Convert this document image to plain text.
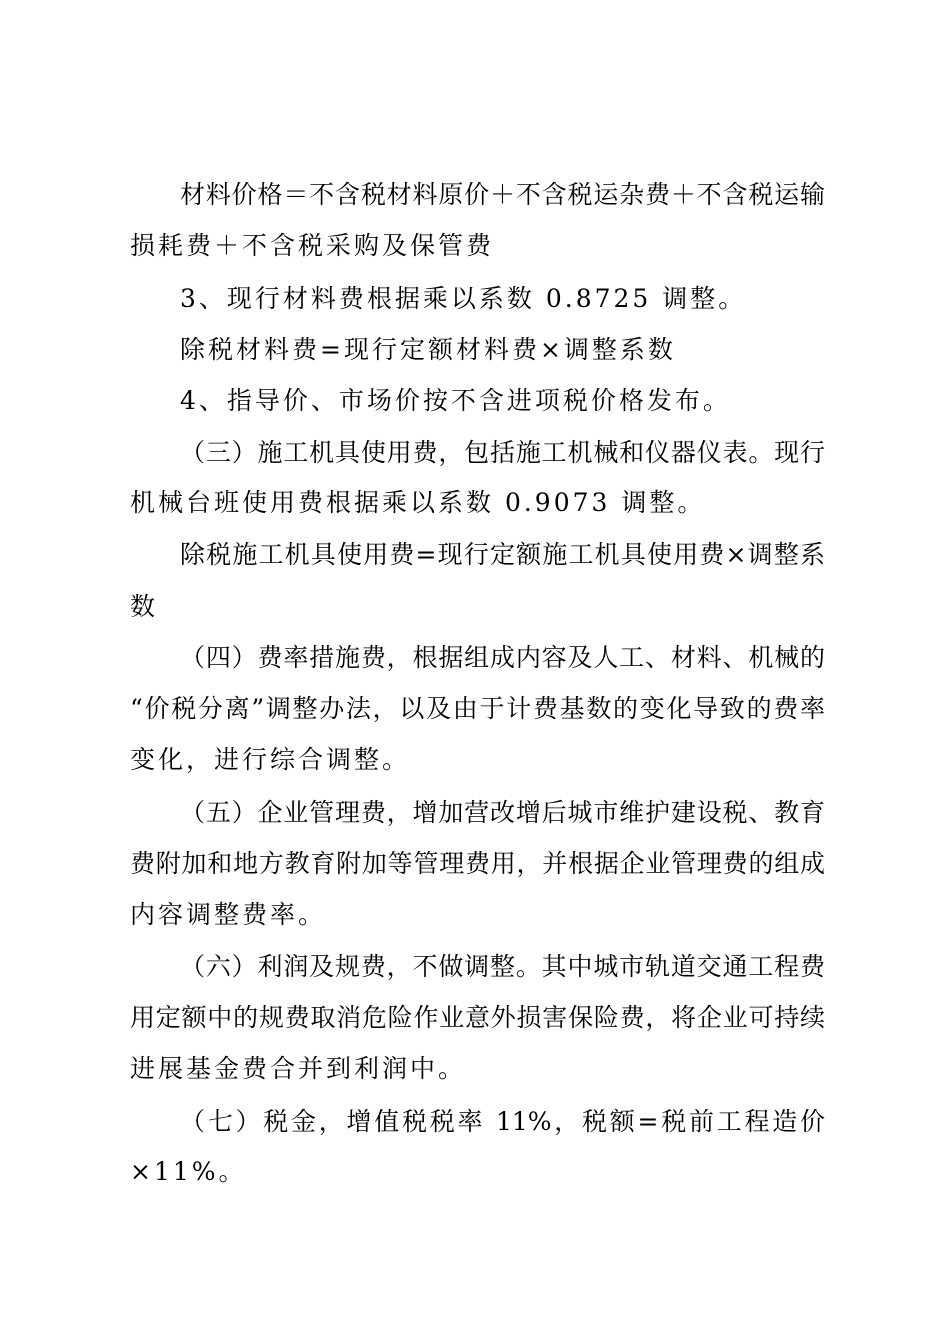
材料价格＝不含税材料原价＋不含税运杂费＋不含税运输
损耗费＋不含税采购及保管费
3、现行材料费根据乘以系数 0.8725 调整。
除税材料费=现行定额材料费×调整系数
4、指导价、市场价按不含进项税价格发布。
（三）施工机具使用费，包括施工机械和仪器仪表。现行
机械台班使用费根据乘以系数 0.9073 调整。
除税施工机具使用费=现行定额施工机具使用费×调整系
数
（四）费率措施费，根据组成内容及人工、材料、机械的
“价税分离”调整办法，以及由于计费基数的变化导致的费率
变化，进行综合调整。
（五）企业管理费，增加营改增后城市维护建设税、教育
费附加和地方教育附加等管理费用，并根据企业管理费的组成
内容调整费率。
（六）利润及规费，不做调整。其中城市轨道交通工程费
用定额中的规费取消危险作业意外损害保险费，将企业可持续
进展基金费合并到利润中。
（七）税金，增值税税率 11%，税额=税前工程造价
×11%。
